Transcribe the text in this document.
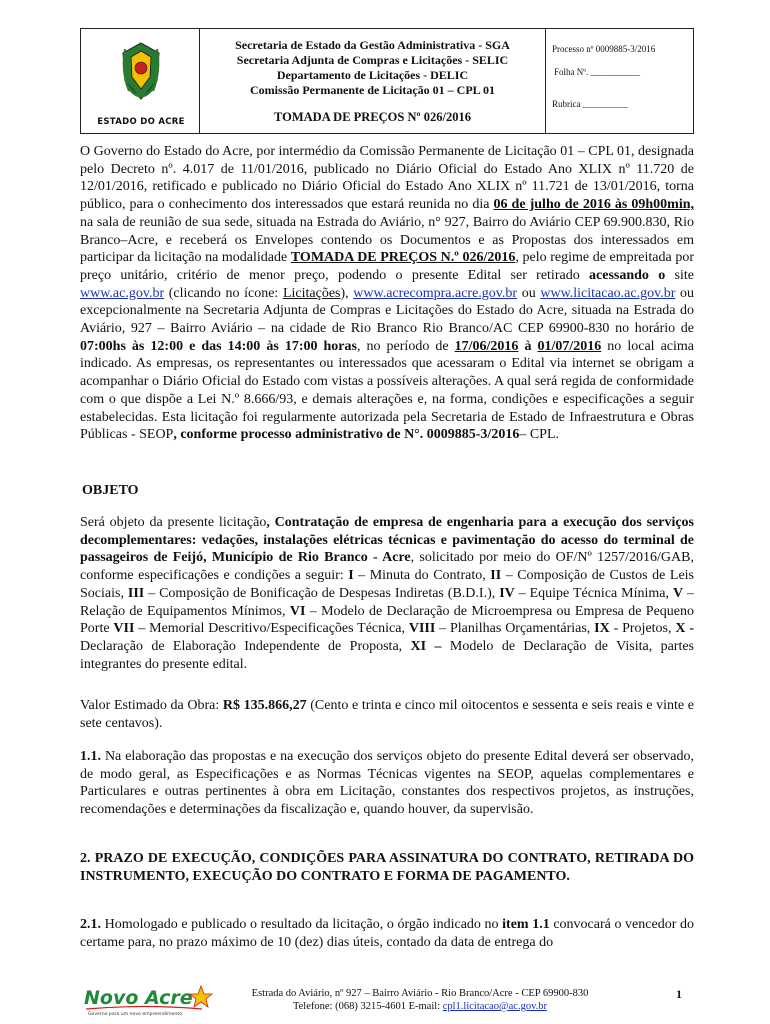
ESTADO DO ACRE
Secretaria de Estado da Gestão Administrativa - SGA
Secretaria Adjunta de Compras e Licitações - SELIC
Departamento de Licitações - DELIC
Comissão Permanente de Licitação 01 – CPL 01
TOMADA DE PREÇOS Nº 026/2016
Processo nº 0009885-3/2016
Folha Nº. ___________
Rubrica __________
O Governo do Estado do Acre, por intermédio da Comissão Permanente de Licitação 01 – CPL 01, designada pelo Decreto nº. 4.017 de 11/01/2016, publicado no Diário Oficial do Estado Ano XLIX nº 11.720 de 12/01/2016, retificado e publicado no Diário Oficial do Estado Ano XLIX nº 11.721 de 13/01/2016, torna público, para o conhecimento dos interessados que estará reunida no dia 06 de julho de 2016 às 09h00min, na sala de reunião de sua sede, situada na Estrada do Aviário, n° 927, Bairro do Aviário CEP 69.900.830, Rio Branco–Acre, e receberá os Envelopes contendo os Documentos e as Propostas dos interessados em participar da licitação na modalidade TOMADA DE PREÇOS N.º 026/2016, pelo regime de empreitada por preço unitário, critério de menor preço, podendo o presente Edital ser retirado acessando o site www.ac.gov.br (clicando no ícone: Licitações), www.acrecompra.acre.gov.br ou www.licitacao.ac.gov.br ou excepcionalmente na Secretaria Adjunta de Compras e Licitações do Estado do Acre, situada na Estrada do Aviário, 927 – Bairro Aviário – na cidade de Rio Branco Rio Branco/AC CEP 69900-830 no horário de 07:00hs às 12:00 e das 14:00 às 17:00 horas, no período de 17/06/2016 à 01/07/2016 no local acima indicado. As empresas, os representantes ou interessados que acessaram o Edital via internet se obrigam a acompanhar o Diário Oficial do Estado com vistas a possíveis alterações. A qual será regida de conformidade com o que dispõe a Lei N.º 8.666/93, e demais alterações e, na forma, condições e especificações a seguir estabelecidas. Esta licitação foi regularmente autorizada pela Secretaria de Estado de Infraestrutura e Obras Públicas - SEOP, conforme processo administrativo de N°. 0009885-3/2016– CPL.
OBJETO
Será objeto da presente licitação, Contratação de empresa de engenharia para a execução dos serviços decomplementares: vedações, instalações elétricas técnicas e pavimentação do acesso do terminal de passageiros de Feijó, Município de Rio Branco - Acre, solicitado por meio do OF/Nº 1257/2016/GAB, conforme especificações e condições a seguir: I – Minuta do Contrato, II – Composição de Custos de Leis Sociais, III – Composição de Bonificação de Despesas Indiretas (B.D.I.), IV – Equipe Técnica Mínima, V – Relação de Equipamentos Mínimos, VI – Modelo de Declaração de Microempresa ou Empresa de Pequeno Porte VII – Memorial Descritivo/Especificações Técnica, VIII – Planilhas Orçamentárias, IX - Projetos, X - Declaração de Elaboração Independente de Proposta, XI – Modelo de Declaração de Visita, partes integrantes do presente edital.
Valor Estimado da Obra: R$ 135.866,27 (Cento e trinta e cinco mil oitocentos e sessenta e seis reais e vinte e sete centavos).
1.1. Na elaboração das propostas e na execução dos serviços objeto do presente Edital deverá ser observado, de modo geral, as Especificações e as Normas Técnicas vigentes na SEOP, aquelas complementares e Particulares e outras pertinentes à obra em Licitação, constantes dos respectivos projetos, as instruções, recomendações e determinações da fiscalização e, quando houver, da supervisão.
2. PRAZO DE EXECUÇÃO, CONDIÇÕES PARA ASSINATURA DO CONTRATO, RETIRADA DO INSTRUMENTO, EXECUÇÃO DO CONTRATO E FORMA DE PAGAMENTO.
2.1. Homologado e publicado o resultado da licitação, o órgão indicado no item 1.1 convocará o vencedor do certame para, no prazo máximo de 10 (dez) dias úteis, contado da data de entrega do
Novo Acre
Governo para um novo empreendimento
Estrada do Aviário, nº 927 – Bairro Aviário - Rio Branco/Acre - CEP 69900-830
Telefone: (068) 3215-4601 E-mail: cpl1.licitacao@ac.gov.br
1
